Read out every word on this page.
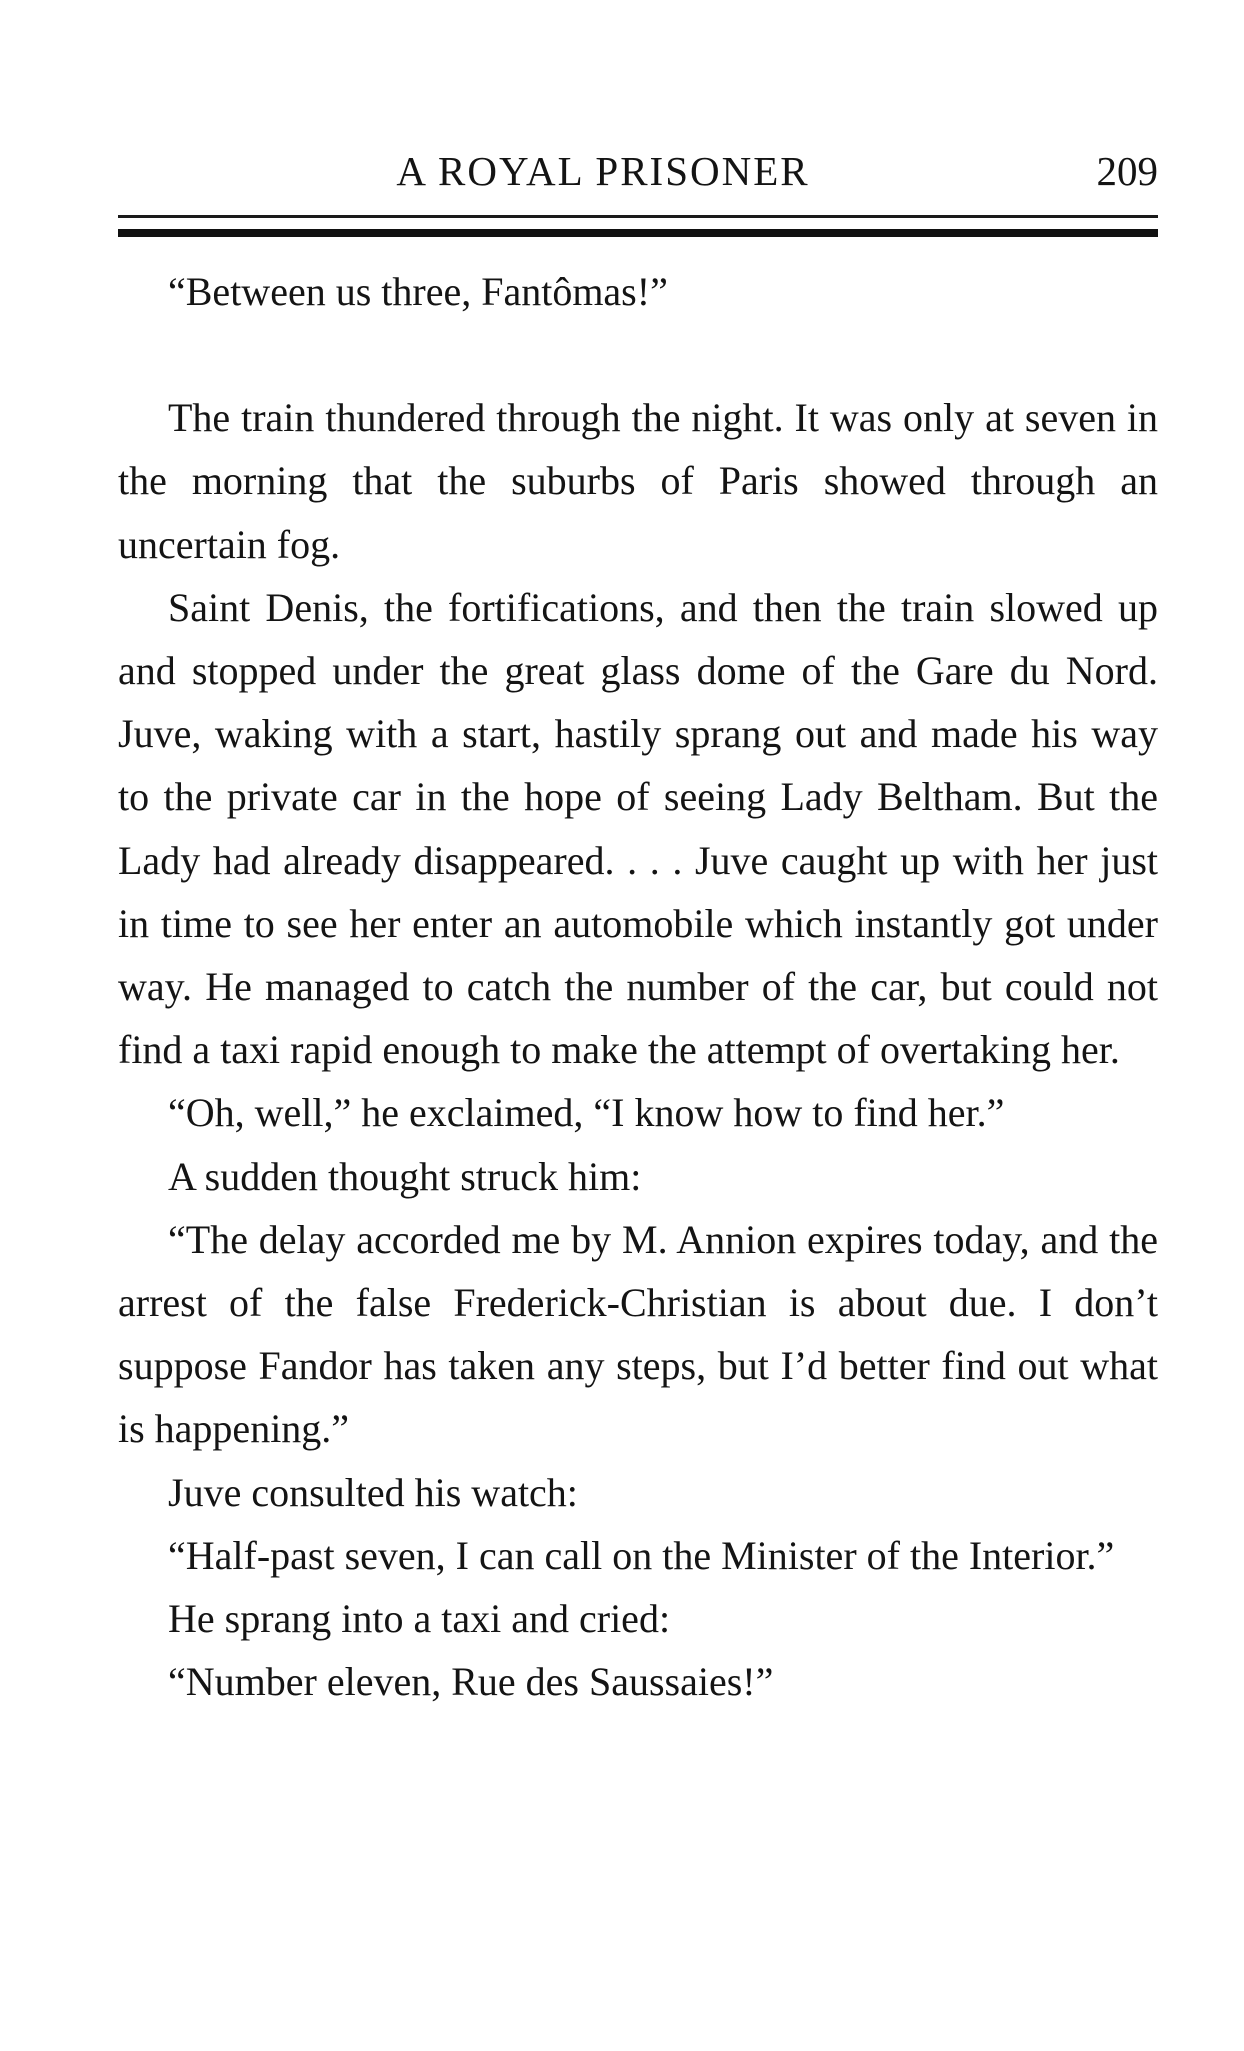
A ROYAL PRISONER	209

“Between us three, Fantômas!”

The train thundered through the night. It was only at seven in the morning that the suburbs of Paris showed through an uncertain fog.

Saint Denis, the fortifications, and then the train slowed up and stopped under the great glass dome of the Gare du Nord. Juve, waking with a start, hastily sprang out and made his way to the private car in the hope of seeing Lady Beltham. But the Lady had already disappeared. . . . Juve caught up with her just in time to see her enter an automobile which instantly got under way. He managed to catch the number of the car, but could not find a taxi rapid enough to make the attempt of overtaking her.

“Oh, well,” he exclaimed, “I know how to find her.”

A sudden thought struck him:

“The delay accorded me by M. Annion expires today, and the arrest of the false Frederick-Christian is about due. I don’t suppose Fandor has taken any steps, but I’d better find out what is happening.”

Juve consulted his watch:

“Half-past seven, I can call on the Minister of the Interior.”

He sprang into a taxi and cried:

“Number eleven, Rue des Saussaies!”
